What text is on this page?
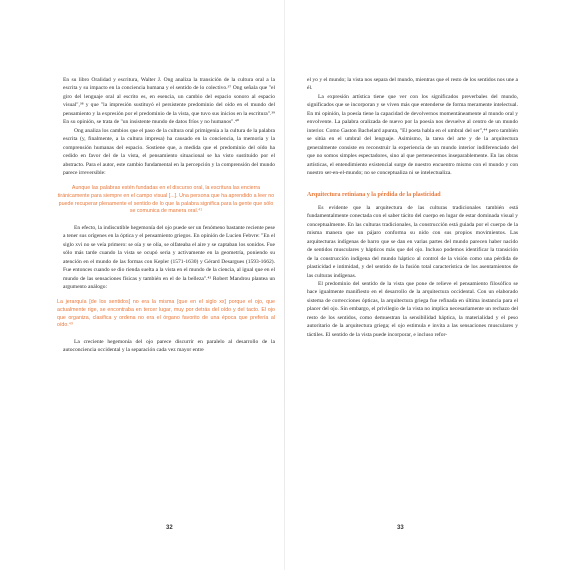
En su libro Oralidad y escritura, Walter J. Ong analiza la transición de la cultura oral a la escrita y su impacto en la conciencia humana y el sentido de lo colectivo.³⁷ Ong señala que "el giro del lenguaje oral al escrito es, en esencia, un cambio del espacio sonoro al espacio visual",³⁸ y que "la impresión sustituyó el persistente predominio del oído en el mundo del pensamiento y la expresión por el predominio de la vista, que tuvo sus inicios en la escritura".³⁹ En su opinión, se trata de "un insistente mundo de datos fríos y no humanos".⁴⁰

Ong analiza los cambios que el paso de la cultura oral primigenia a la cultura de la palabra escrita (y, finalmente, a la cultura impresa) ha causado en la conciencia, la memoria y la comprensión humanas del espacio. Sostiene que, a medida que el predominio del oído ha cedido en favor del de la vista, el pensamiento situacional se ha visto sustituido por el abstracto. Para el autor, este cambio fundamental en la percepción y la comprensión del mundo parece irreversible:

Aunque las palabras estén fundadas en el discurso oral, la escritura las encierra tiránicamente para siempre en el campo visual [...]. Una persona que ha aprendido a leer no puede recuperar plenamente el sentido de lo que la palabra significa para la gente que sólo se comunica de manera oral.⁴¹

En efecto, la indiscutible hegemonía del ojo puede ser un fenómeno bastante reciente pese a tener sus orígenes en la óptica y el pensamiento griegos. En opinión de Lucien Febvre: "En el siglo xvi no se veía primero: se oía y se olía, se olfateaba el aire y se captaban los sonidos. Fue sólo más tarde cuando la vista se ocupó seria y activamente en la geometría, poniendo su atención en el mundo de las formas con Kepler (1571-1630) y Gérard Desargues (1593-1662). Fue entonces cuando se dio rienda suelta a la vista en el mundo de la ciencia, al igual que en el mundo de las sensaciones físicas y también en el de la belleza".⁴² Robert Mandrou plantea un argumento análogo:

La jerarquía [de los sentidos] no era la misma [que en el siglo xx] porque el ojo, que actualmente rige, se encontraba en tercer lugar, muy por detrás del oído y del tacto. El ojo que organiza, clasifica y ordena no era el órgano favorito de una época que prefería al oído.⁴³

La creciente hegemonía del ojo parece discurrir en paralelo al desarrollo de la autoconciencia occidental y la separación cada vez mayor entre

32

el yo y el mundo; la vista nos separa del mundo, mientras que el resto de los sentidos nos une a él.

La expresión artística tiene que ver con los significados preverbales del mundo, significados que se incorporan y se viven más que entenderse de forma meramente intelectual. En mi opinión, la poesía tiene la capacidad de devolvernos momentáneamente al mundo oral y envolvente. La palabra oralizada de nuevo por la poesía nos devuelve al centro de un mundo interior. Como Gaston Bachelard apunta, "El poeta habla en el umbral del ser",⁴⁴ pero también se sitúa en el umbral del lenguaje. Asimismo, la tarea del arte y de la arquitectura generalmente consiste en reconstruir la experiencia de un mundo interior indiferenciado del que no somos simples espectadores, sino al que pertenecemos inseparablemente. En las obras artísticas, el entendimiento existencial surge de nuestro encuentro mismo con el mundo y con nuestro ser-en-el-mundo; no se conceptualiza ni se intelectualiza.

Arquitectura retiniana y la pérdida de la plasticidad

Es evidente que la arquitectura de las culturas tradicionales también está fundamentalmente conectada con el saber tácito del cuerpo en lugar de estar dominada visual y conceptualmente. En las culturas tradicionales, la construcción está guiada por el cuerpo de la misma manera que un pájaro conforma su nido con sus propios movimientos. Las arquitecturas indígenas de barro que se dan en varias partes del mundo parecen haber nacido de sentidos musculares y hápticos más que del ojo. Incluso podemos identificar la transición de la construcción indígena del mundo háptico al control de la visión como una pérdida de plasticidad e intimidad, y del sentido de la fusión total característica de los asentamientos de las culturas indígenas.

El predominio del sentido de la vista que pone de relieve el pensamiento filosófico se hace igualmente manifiesto en el desarrollo de la arquitectura occidental. Con un elaborado sistema de correcciones ópticas, la arquitectura griega fue refinada en última instancia para el placer del ojo. Sin embargo, el privilegio de la vista no implica necesariamente un rechazo del resto de los sentidos, como demuestran la sensibilidad háptica, la materialidad y el peso autoritario de la arquitectura griega; el ojo estimula e invita a las sensaciones musculares y táctiles. El sentido de la vista puede incorporar, e incluso refor-

33
